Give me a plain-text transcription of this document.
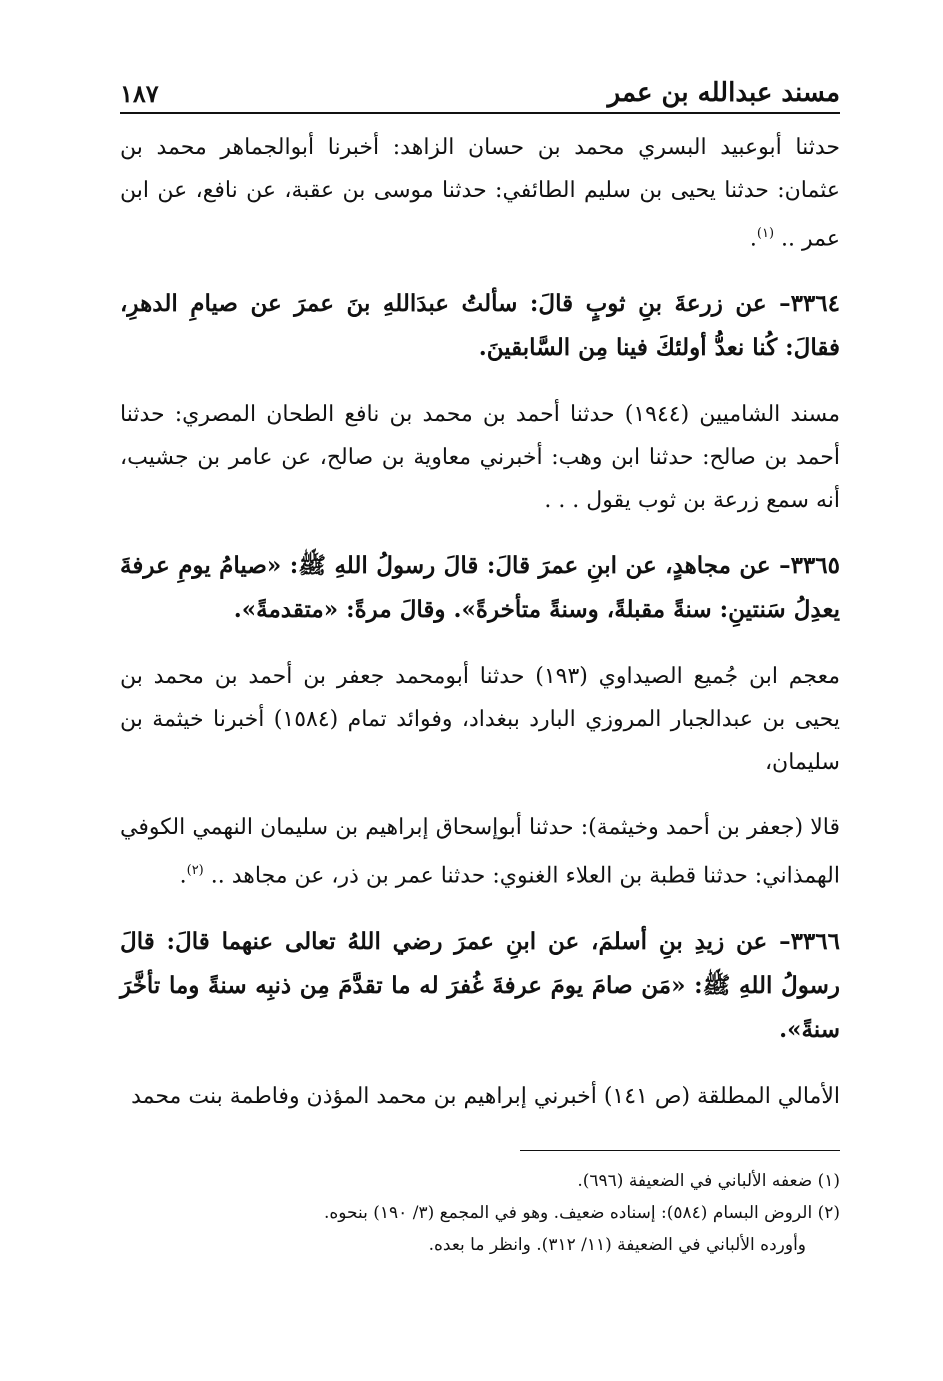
مسند عبدالله بن عمر
١٨٧

حدثنا أبوعبيد البسري محمد بن حسان الزاهد: أخبرنا أبوالجماهر محمد بن عثمان: حدثنا يحيى بن سليم الطائفي: حدثنا موسى بن عقبة، عن نافع، عن ابن عمر .. $^{(١)}$.

٣٣٦٤– عن زرعةَ بنِ ثوبٍ قالَ: سألتُ عبدَاللهِ بنَ عمرَ عن صيامِ الدهرِ، فقالَ: كُنا نعدُّ أولئكَ فينا مِن السَّابقينَ.

مسند الشاميين (١٩٤٤) حدثنا أحمد بن محمد بن نافع الطحان المصري: حدثنا أحمد بن صالح: حدثنا ابن وهب: أخبرني معاوية بن صالح، عن عامر بن جشيب، أنه سمع زرعة بن ثوب يقول . . .

٣٣٦٥– عن مجاهدٍ، عن ابنِ عمرَ قالَ: قالَ رسولُ اللهِ ﷺ: «صيامُ يومِ عرفةَ يعدِلُ سَنتينِ: سنةً مقبلةً، وسنةً متأخرةً». وقالَ مرةً: «متقدمةً».

معجم ابن جُميع الصيداوي (١٩٣) حدثنا أبومحمد جعفر بن أحمد بن محمد بن يحيى بن عبدالجبار المروزي البارد ببغداد، وفوائد تمام (١٥٨٤) أخبرنا خيثمة بن سليمان،

قالا (جعفر بن أحمد وخيثمة): حدثنا أبوإسحاق إبراهيم بن سليمان النهمي الكوفي الهمذاني: حدثنا قطبة بن العلاء الغنوي: حدثنا عمر بن ذر، عن مجاهد .. $^{(٢)}$.

٣٣٦٦– عن زيدِ بنِ أسلمَ، عن ابنِ عمرَ رضي اللهُ تعالى عنهما قالَ: قالَ رسولُ اللهِ ﷺ: «مَن صامَ يومَ عرفةَ غُفرَ له ما تقدَّمَ مِن ذنبِه سنةً وما تأخَّرَ سنةً».

الأمالي المطلقة (ص ١٤١) أخبرني إبراهيم بن محمد المؤذن وفاطمة بنت محمد

(١) ضعفه الألباني في الضعيفة (٦٩٦).
(٢) الروض البسام (٥٨٤): إسناده ضعيف. وهو في المجمع (٣/ ١٩٠) بنحوه.
وأورده الألباني في الضعيفة (١١/ ٣١٢). وانظر ما بعده.
